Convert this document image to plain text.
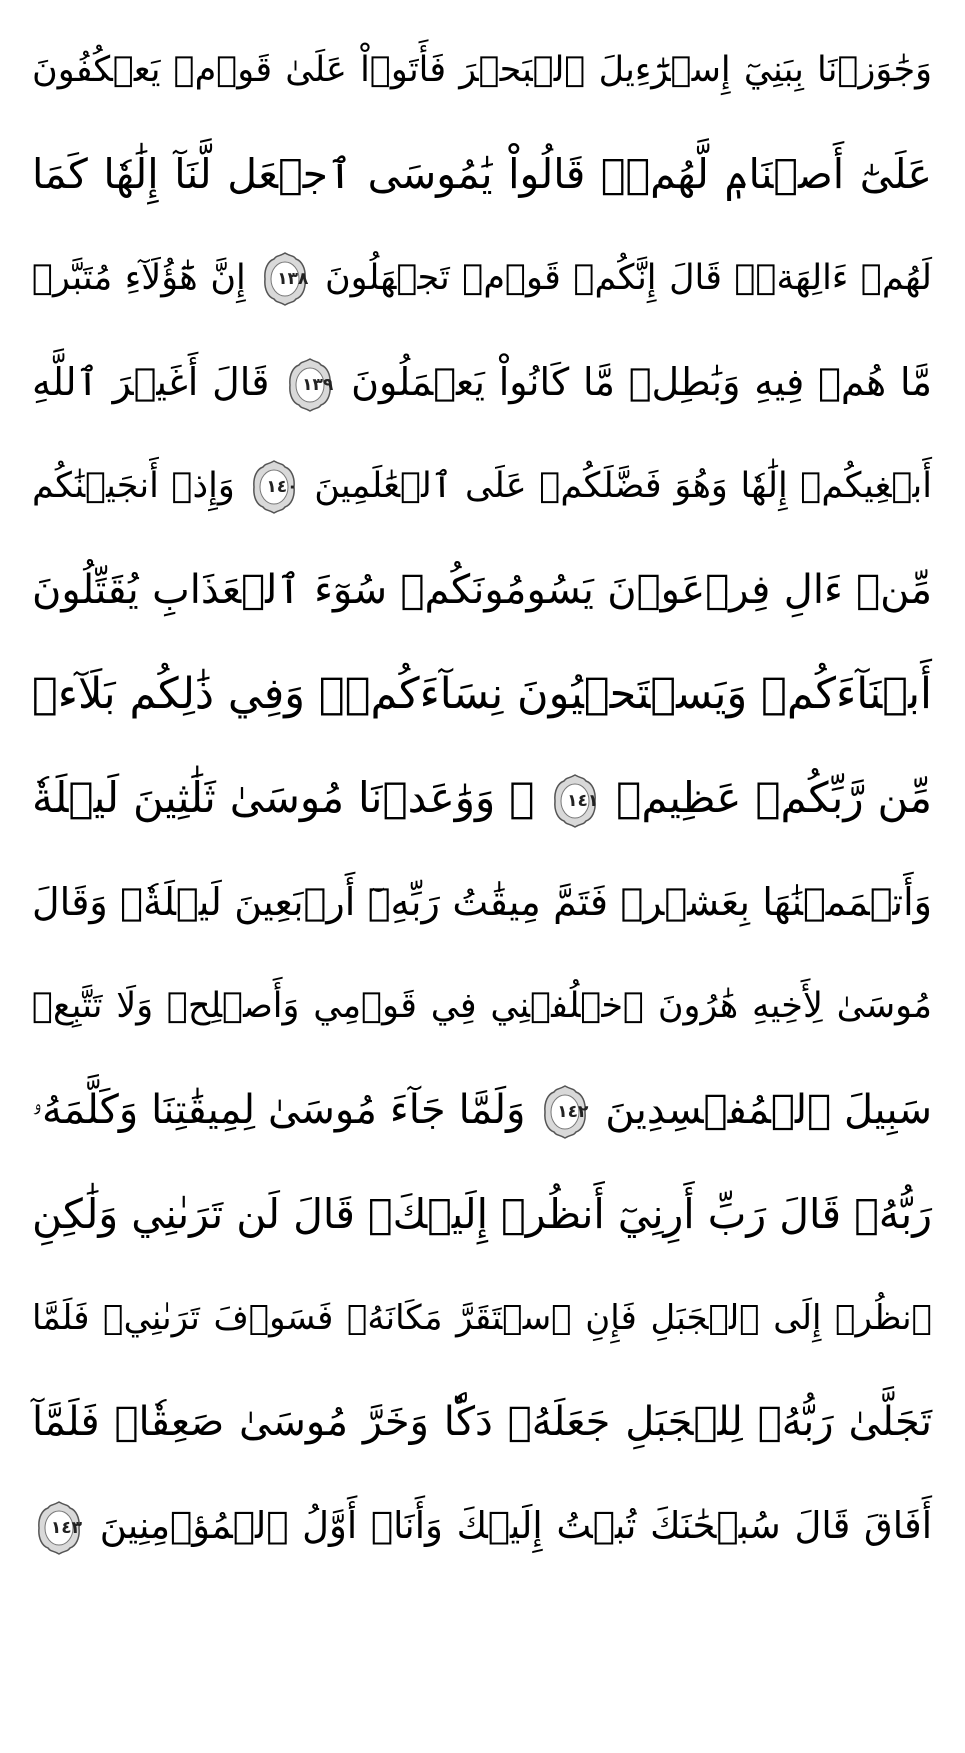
وَجَٰوَزۡنَا بِبَنِيٓ إِسۡرَٰٓءِيلَ ٱلۡبَحۡرَ فَأَتَوۡاْ عَلَىٰ قَوۡمٖ يَعۡكُفُونَ
عَلَىٰٓ أَصۡنَامٖ لَّهُمۡۚ قَالُواْ يَٰمُوسَى ٱجۡعَل لَّنَآ إِلَٰهٗا كَمَا
لَهُمۡ ءَالِهَةٞۚ قَالَ إِنَّكُمۡ قَوۡمٞ تَجۡهَلُونَ
١٣٨
إِنَّ هَٰٓؤُلَآءِ مُتَبَّرٞ
مَّا هُمۡ فِيهِ وَبَٰطِلٞ مَّا كَانُواْ يَعۡمَلُونَ
١٣٩
قَالَ أَغَيۡرَ ٱللَّهِ
أَبۡغِيكُمۡ إِلَٰهٗا وَهُوَ فَضَّلَكُمۡ عَلَى ٱلۡعَٰلَمِينَ
١٤٠
وَإِذۡ أَنجَيۡنَٰكُم
مِّنۡ ءَالِ فِرۡعَوۡنَ يَسُومُونَكُمۡ سُوٓءَ ٱلۡعَذَابِ يُقَتِّلُونَ
أَبۡنَآءَكُمۡ وَيَسۡتَحۡيُونَ نِسَآءَكُمۡۚ وَفِي ذَٰلِكُم بَلَآءٞ
مِّن رَّبِّكُمۡ عَظِيمٞ
١٤١
۞ وَوَٰعَدۡنَا مُوسَىٰ ثَلَٰثِينَ لَيۡلَةٗ
وَأَتۡمَمۡنَٰهَا بِعَشۡرٖ فَتَمَّ مِيقَٰتُ رَبِّهِۦٓ أَرۡبَعِينَ لَيۡلَةٗۚ وَقَالَ
مُوسَىٰ لِأَخِيهِ هَٰرُونَ ٱخۡلُفۡنِي فِي قَوۡمِي وَأَصۡلِحۡ وَلَا تَتَّبِعۡ
سَبِيلَ ٱلۡمُفۡسِدِينَ
١٤٢
وَلَمَّا جَآءَ مُوسَىٰ لِمِيقَٰتِنَا وَكَلَّمَهُۥ
رَبُّهُۥ قَالَ رَبِّ أَرِنِيٓ أَنظُرۡ إِلَيۡكَۚ قَالَ لَن تَرَىٰنِي وَلَٰكِنِ
ٱنظُرۡ إِلَى ٱلۡجَبَلِ فَإِنِ ٱسۡتَقَرَّ مَكَانَهُۥ فَسَوۡفَ تَرَىٰنِيۚ فَلَمَّا
تَجَلَّىٰ رَبُّهُۥ لِلۡجَبَلِ جَعَلَهُۥ دَكّٗا وَخَرَّ مُوسَىٰ صَعِقٗاۚ فَلَمَّآ
أَفَاقَ قَالَ سُبۡحَٰنَكَ تُبۡتُ إِلَيۡكَ وَأَنَا۠ أَوَّلُ ٱلۡمُؤۡمِنِينَ
١٤٣
